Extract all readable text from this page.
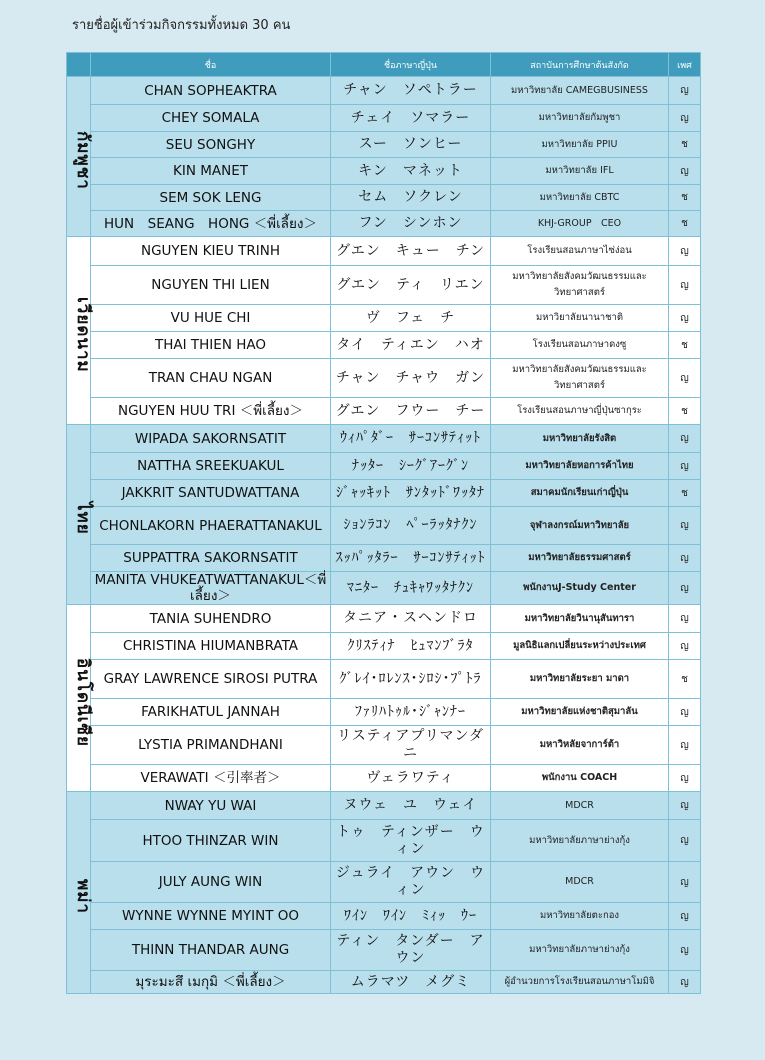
รายชื่อผู้เข้าร่วมกิจกรรมทั้งหมด 30 คน
	ชื่อ	ชื่อภาษาญี่ปุ่น	สถาบันการศึกษาต้นสังกัด	เพศ

กัมพูชา	CHAN SOPHEAKTRA	チャン　ソペトラー	มหาวิทยาลัย CAMEGBUSINESS	ญ
	CHEY SOMALA	チェイ　ソマラー	มหาวิทยาลัยกัมพูชา	ญ
	SEU SONGHY	スー　ソンヒー	มหาวิทยาลัย PPIU	ช
	KIN MANET	キン　マネット	มหาวิทยาลัย IFL	ญ
	SEM SOK LENG	セム　ソクレン	มหาวิทยาลัย CBTC	ช
	HUN　SEANG　HONG ＜พี่เลี้ยง＞	フン　シンホン	KHJ-GROUP　CEO	ช

เวียดนาม	NGUYEN KIEU TRINH	グエン　キュー　チン	โรงเรียนสอนภาษาไซ่ง่อน	ญ
	NGUYEN THI LIEN	グエン　ティ　リエン	มหาวิทยาลัยสังคมวัฒนธรรมและวิทยาศาสตร์	ญ
	VU HUE CHI	ヴ　フェ　チ	มหาวิยาลัยนานาชาติ	ญ
	THAI THIEN HAO	タイ　ティエン　ハオ	โรงเรียนสอนภาษาดงซู	ช
	TRAN CHAU NGAN	チャン　チャウ　ガン	มหาวิทยาลัยสังคมวัฒนธรรมและวิทยาศาสตร์	ญ
	NGUYEN HUU TRI ＜พี่เลี้ยง＞	グエン　フウー　チー	โรงเรียนสอนภาษาญี่ปุ่นซากุระ	ช

ไทย	WIPADA SAKORNSATIT	ｳｨﾊﾟﾀﾞｰ　ｻｰｺﾝｻﾃｨｯﾄ	มหาวิทยาลัยรังสิต	ญ
	NATTHA SREEKUAKUL	ﾅｯﾀｰ　ｼｰｸﾞｱｰｸﾞﾝ	มหาวิทยาลัยหอการค้าไทย	ญ
	JAKKRIT SANTUDWATTANA	ｼﾞｬｯｷｯﾄ　ｻﾝﾀｯﾄﾞﾜｯﾀﾅ	สมาคมนักเรียนเก่าญี่ปุ่น	ช
	CHONLAKORN PHAERATTANAKUL	ｼｮﾝﾗｺﾝ　ﾍﾟｰﾗｯﾀﾅｸﾝ	จุฬาลงกรณ์มหาวิทยาลัย	ญ
	SUPPATTRA SAKORNSATIT	ｽｯﾊﾟｯﾀﾗｰ　ｻｰｺﾝｻﾃｨｯﾄ	มหาวิทยาลัยธรรมศาสตร์	ญ
	MANITA VHUKEATWATTANAKUL＜พี่เลี้ยง＞	ﾏﾆﾀｰ　ﾁｭｷｬﾜｯﾀﾅｸﾝ	พนักงานJ-Study Center	ญ

อินโดนีเซีย	TANIA SUHENDRO	タニア・スヘンドロ	มหาวิทยาลัยวินานุสันทารา	ญ
	CHRISTINA HIUMANBRATA	ｸﾘｽﾃｨﾅ　ﾋｭﾏﾝﾌﾞﾗﾀ	มูลนิธิแลกเปลี่ยนระหว่างประเทศ	ญ
	GRAY LAWRENCE SIROSI PUTRA	ｸﾞﾚｲ･ﾛﾚﾝｽ･ｼﾛｼ･ﾌﾟﾄﾗ	มหาวิทยาลัยระยา มาดา	ช
	FARIKHATUL JANNAH	ﾌｧﾘﾊﾄｩﾙ･ｼﾞｬﾝﾅｰ	มหาวิทยาลัยแห่งชาติสุมาลัน	ญ
	LYSTIA PRIMANDHANI	リスティアプリマンダニ	มหาวิหลัยจาการ์ต้า	ญ
	VERAWATI ＜引率者＞	ヴェラワティ	พนักงาน COACH	ญ

พม่า	NWAY YU WAI	ヌウェ　ユ　ウェイ	MDCR	ญ
	HTOO THINZAR WIN	トゥ　ティンザー　ウィン	มหาวิทยาลัยภาษาย่างกุ้ง	ญ
	JULY AUNG WIN	ジュライ　アウン　ウィン	MDCR	ญ
	WYNNE WYNNE MYINT OO	ﾜｲﾝ　ﾜｲﾝ　ﾐｨｯ　ｳｰ	มหาวิทยาลัยตะกอง	ญ
	THINN THANDAR AUNG	ティン　タンダー　アウン	มหาวิทยาลัยภาษาย่างกุ้ง	ญ
	มุระมะสึ เมกุมิ ＜พี่เลี้ยง＞	ムラマツ　メグミ	ผู้อำนวยการโรงเรียนสอนภาษาโมมิจิ	ญ
